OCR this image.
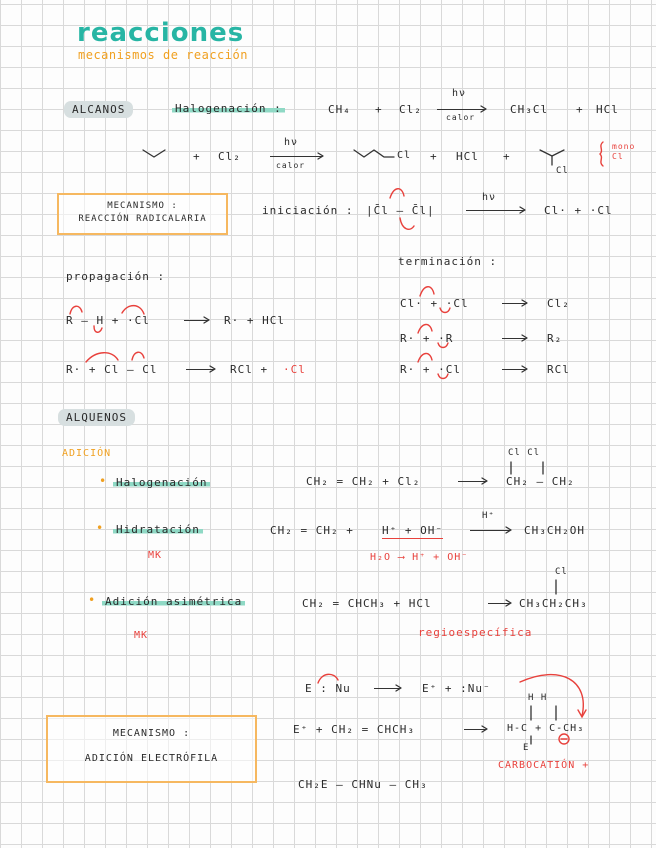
reacciones
mecanismos de reacción
ALCANOS	Halogenación :	CH₄ + Cl₂
hν
calor
CH₃Cl	+ HCl
+ Cl₂
hν
calor
Cl + HCl +
Cl
mono Cl
MECANISMO :
REACCIÓN RADICALARIA
iniciación : |C̄l — C̄l|
hν
Cl· + ·Cl
terminación :
Cl· + ·Cl	Cl₂
R· + ·R	R₂
R· + ·Cl	RCl
propagación :
R — H + ·Cl	R· + HCl
R· + Cl — Cl	RCl + ·Cl
ALQUENOS
ADICIÓN
• Halogenación	CH₂ = CH₂ + Cl₂
Cl Cl
CH₂ — CH₂
• Hidratación
MK
CH₂ = CH₂ +	H⁺ + OH⁻
H⁺
CH₃CH₂OH
H₂O ⟶ H⁺ + OH⁻
• Adición asimétrica
MK
CH₂ = CHCH₃ + HCl
Cl
CH₃CH₂CH₃
regioespecífica
MECANISMO :
ADICIÓN ELECTRÓFILA
E : Nu	E⁺ + :Nu⁻
E⁺ + CH₂ = CHCH₃
H H
H-C + C-CH₃
E
CARBOCATIÓN +
CH₂E – CHNu – CH₃
